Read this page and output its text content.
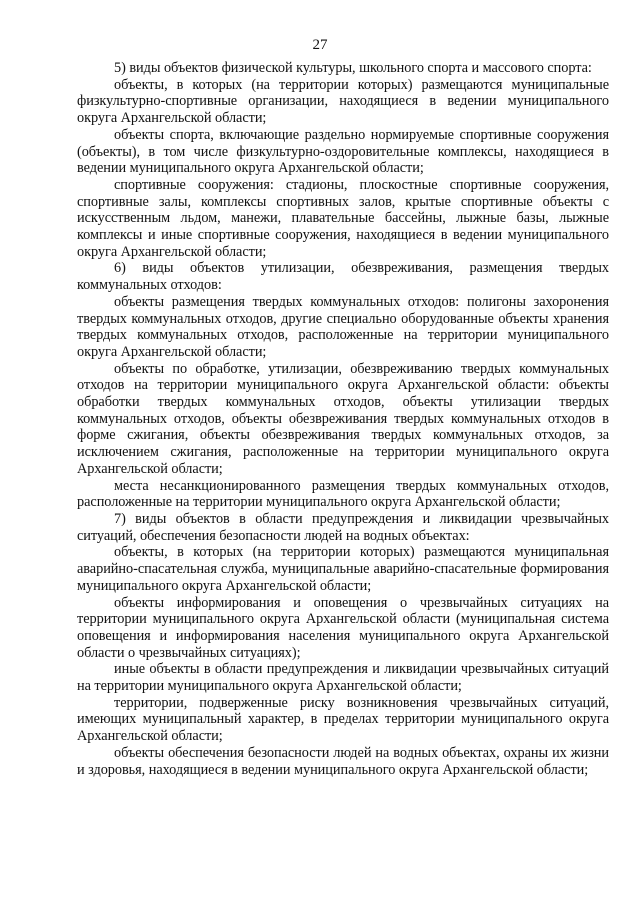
27

5) виды объектов физической культуры, школьного спорта и массового спорта:

объекты, в которых (на территории которых) размещаются муниципальные физкультурно-спортивные организации, находящиеся в ведении муниципального округа Архангельской области;

объекты спорта, включающие раздельно нормируемые спортивные сооружения (объекты), в том числе физкультурно-оздоровительные комплексы, находящиеся в ведении муниципального округа Архангельской области;

спортивные сооружения: стадионы, плоскостные спортивные сооружения, спортивные залы, комплексы спортивных залов, крытые спортивные объекты с искусственным льдом, манежи, плавательные бассейны, лыжные базы, лыжные комплексы и иные спортивные сооружения, находящиеся в ведении муниципального округа Архангельской области;

6) виды объектов утилизации, обезвреживания, размещения твердых коммунальных отходов:

объекты размещения твердых коммунальных отходов: полигоны захоронения твердых коммунальных отходов, другие специально оборудованные объекты хранения твердых коммунальных отходов, расположенные на территории муниципального округа Архангельской области;

объекты по обработке, утилизации, обезвреживанию твердых коммунальных отходов на территории муниципального округа Архангельской области: объекты обработки твердых коммунальных отходов, объекты утилизации твердых коммунальных отходов, объекты обезвреживания твердых коммунальных отходов в форме сжигания, объекты обезвреживания твердых коммунальных отходов, за исключением сжигания, расположенные на территории муниципального округа Архангельской области;

места несанкционированного размещения твердых коммунальных отходов, расположенные на территории муниципального округа Архангельской области;

7) виды объектов в области предупреждения и ликвидации чрезвычайных ситуаций, обеспечения безопасности людей на водных объектах:

объекты, в которых (на территории которых) размещаются муниципальная аварийно-спасательная служба, муниципальные аварийно-спасательные формирования муниципального округа Архангельской области;

объекты информирования и оповещения о чрезвычайных ситуациях на территории муниципального округа Архангельской области (муниципальная система оповещения и информирования населения муниципального округа Архангельской области о чрезвычайных ситуациях);

иные объекты в области предупреждения и ликвидации чрезвычайных ситуаций на территории муниципального округа Архангельской области;

территории, подверженные риску возникновения чрезвычайных ситуаций, имеющих муниципальный характер, в пределах территории муниципального округа Архангельской области;

объекты обеспечения безопасности людей на водных объектах, охраны их жизни и здоровья, находящиеся в ведении муниципального округа Архангельской области;
